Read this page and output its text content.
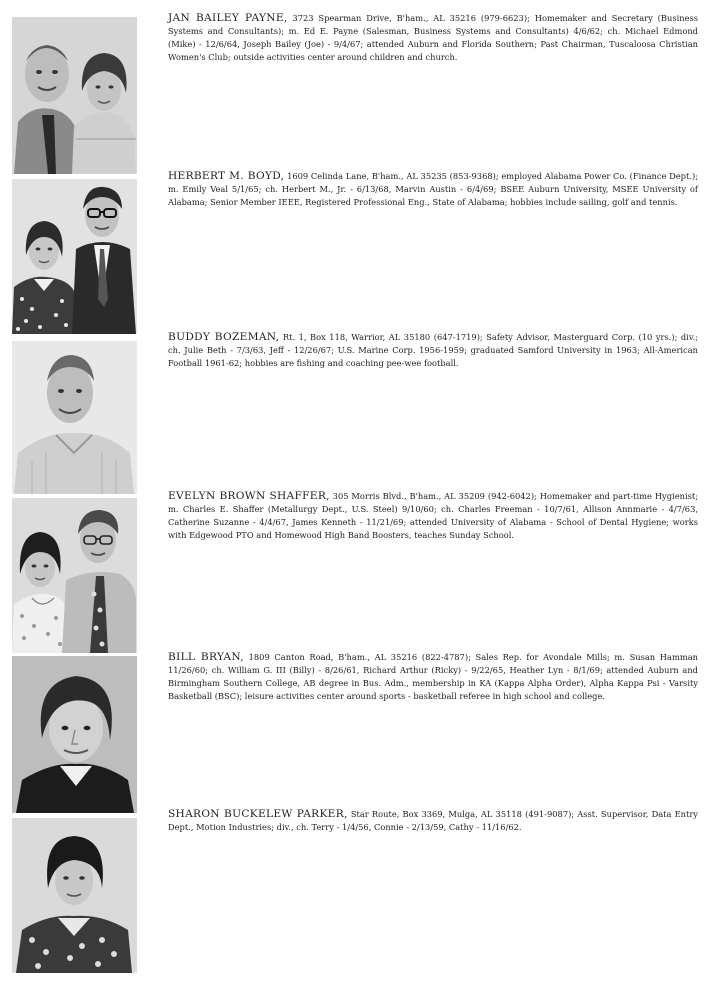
JAN BAILEY PAYNE, 3723 Spearman Drive, B'ham., AL 35216 (979-6623); Homemaker and Secretary (Business Systems and Consultants); m. Ed E. Payne (Salesman, Business Systems and Consultants) 4/6/62; ch. Michael Edmond (Mike) - 12/6/64, Joseph Bailey (Joe) - 9/4/67; attended Auburn and Florida Southern; Past Chairman, Tuscaloosa Christian Women's Club; outside activities center around children and church.
HERBERT M. BOYD, 1609 Celinda Lane, B'ham., AL 35235 (853-9368); employed Alabama Power Co. (Finance Dept.); m. Emily Veal 5/1/65; ch. Herbert M., Jr. - 6/13/68, Marvin Austin - 6/4/69; BSEE Auburn University, MSEE University of Alabama; Senior Member IEEE, Registered Professional Eng., State of Alabama; hobbies include sailing, golf and tennis.
BUDDY BOZEMAN, Rt. 1, Box 118, Warrior, AL 35180 (647-1719); Safety Advisor, Masterguard Corp. (10 yrs.); div.; ch. Julie Beth - 7/3/63, Jeff - 12/26/67; U.S. Marine Corp. 1956-1959; graduated Samford University in 1963; All-American Football 1961-62; hobbies are fishing and coaching pee-wee football.
EVELYN BROWN SHAFFER, 305 Morris Blvd., B'ham., AL 35209 (942-6042); Homemaker and part-time Hygienist; m. Charles E. Shaffer (Metallurgy Dept., U.S. Steel) 9/10/60; ch. Charles Freeman - 10/7/61, Allison Annmarie - 4/7/63, Catherine Suzanne - 4/4/67, James Kenneth - 11/21/69; attended University of Alabama - School of Dental Hygiene; works with Edgewood PTO and Homewood High Band Boosters, teaches Sunday School.
BILL BRYAN, 1809 Canton Road, B'ham., AL 35216 (822-4787); Sales Rep. for Avondale Mills; m. Susan Hamman 11/26/60; ch. William G. III (Billy) - 8/26/61, Richard Arthur (Ricky) - 9/22/65, Heather Lyn - 8/1/69; attended Auburn and Birmingham Southern College, AB degree in Bus. Adm., membership in KA (Kappa Alpha Order), Alpha Kappa Psi - Varsity Basketball (BSC); leisure activities center around sports - basketball referee in high school and college.
SHARON BUCKELEW PARKER, Star Route, Box 3369, Mulga, AL 35118 (491-9087); Asst. Supervisor, Data Entry Dept., Motion Industries; div., ch. Terry - 1/4/56, Connie - 2/13/59, Cathy - 11/16/62.
